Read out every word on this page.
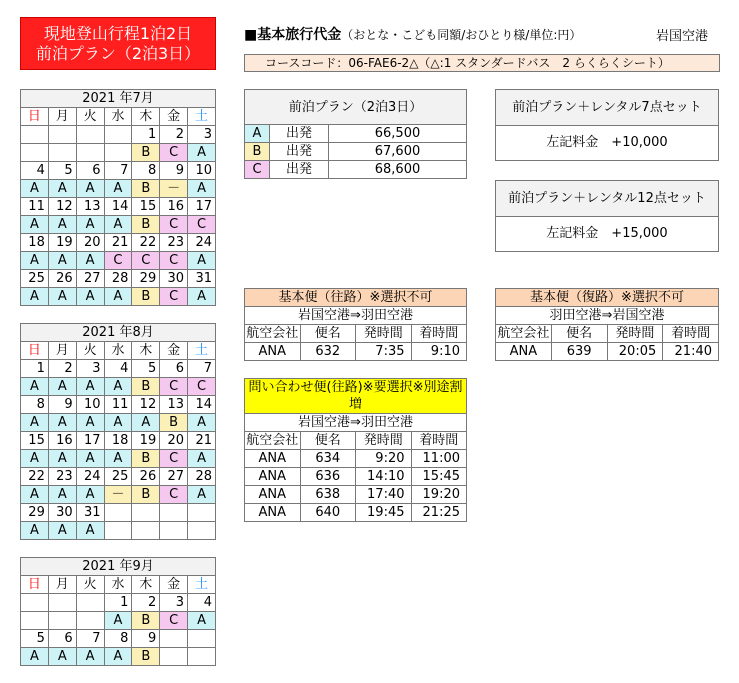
現地登山行程1泊2日
前泊プラン（2泊3日）
■基本旅行代金（おとな・こども同額/おひとり様/単位:円）	岩国空港
コースコード：06-FAE6-2△（△:1 スタンダードバス　2 らくらくシート）
2021 年7月						
日	月	火	水	木	金	土
				1	2	3
				B	C	A
4	5	6	7	8	9	10
A	A	A	A	B	－	A
11	12	13	14	15	16	17
A	A	A	A	B	C	C
18	19	20	21	22	23	24
A	A	A	C	C	C	A
25	26	27	28	29	30	31
A	A	A	A	B	C	A
2021 年8月						
日	月	火	水	木	金	土
1	2	3	4	5	6	7
A	A	A	A	B	C	C
8	9	10	11	12	13	14
A	A	A	A	A	B	A
15	16	17	18	19	20	21
A	A	A	A	B	C	A
22	23	24	25	26	27	28
A	A	A	－	B	C	A
29	30	31				
A	A	A				
2021 年9月						
日	月	火	水	木	金	土
			1	2	3	4
			A	B	C	A
5	6	7	8	9		
A	A	A	A	B		
前泊プラン（2泊3日）		
A	出発	66,500
B	出発	67,600
C	出発	68,600
前泊プラン＋レンタル7点セット
左記料金　+10,000
前泊プラン＋レンタル12点セット
左記料金　+15,000
基本便（往路）※選択不可			
岩国空港⇒羽田空港			
航空会社	便名	発時間	着時間
ANA	632	7:35	9:10
基本便（復路）※選択不可			
羽田空港⇒岩国空港			
航空会社	便名	発時間	着時間
ANA	639	20:05	21:40
問い合わせ便(往路)※要選択※別途割増			
岩国空港⇒羽田空港			
航空会社	便名	発時間	着時間
ANA	634	9:20	11:00
ANA	636	14:10	15:45
ANA	638	17:40	19:20
ANA	640	19:45	21:25
